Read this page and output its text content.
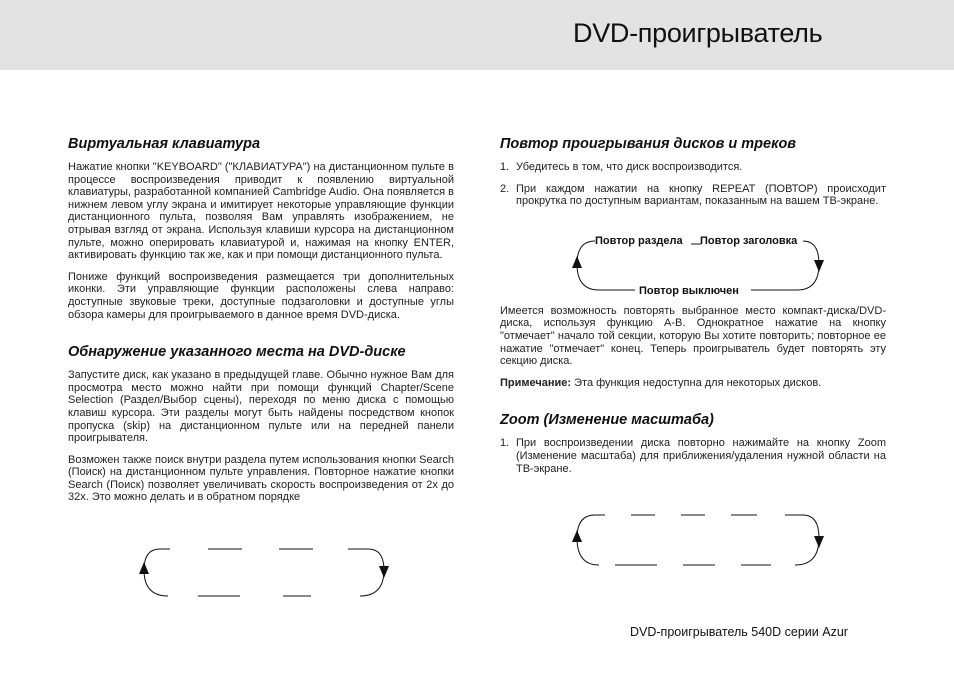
DVD-проигрыватель
Виртуальная клавиатура

Нажатие кнопки "KEYBOARD" ("КЛАВИАТУРА") на дистанционном пульте в процессе воспроизведения приводит к появлению виртуальной клавиатуры, разработанной компанией Cambridge Audio. Она появляется в нижнем левом углу экрана и имитирует некоторые управляющие функции дистанционного пульта, позволяя Вам управлять изображением, не отрывая взгляд от экрана. Используя клавиши курсора на дистанционном пульте, можно оперировать клавиатурой и, нажимая на кнопку ENTER, активировать функцию так же, как и при помощи дистанционного пульта.

Пониже функций воспроизведения размещается три дополнительных иконки. Эти управляющие функции расположены слева направо: доступные звуковые треки, доступные подзаголовки и доступные углы обзора камеры для проигрываемого в данное время DVD-диска.

Обнаружение указанного места на DVD-диске

Запустите диск, как указано в предыдущей главе. Обычно нужное Вам для просмотра место можно найти при помощи функций Chapter/Scene Selection (Раздел/Выбор сцены), переходя по меню диска с помощью клавиш курсора. Эти разделы могут быть найдены посредством кнопок пропуска (skip) на дистанционном пульте или на передней панели проигрывателя.

Возможен также поиск внутри раздела путем использования кнопки Search (Поиск) на дистанционном пульте управления. Повторное нажатие кнопки Search (Поиск) позволяет увеличивать скорость воспроизведения от 2x до 32x. Это можно делать и в обратном порядке

Повтор проигрывания дисков и треков
1. Убедитесь в том, что диск воспроизводится.
2. При каждом нажатии на кнопку REPEAT (ПОВТОР) происходит прокрутка по доступным вариантам, показанным на вашем ТВ-экране.

Имеется возможность повторять выбранное место компакт-диска/DVD-диска, используя функцию A-B. Однократное нажатие на кнопку "отмечает" начало той секции, которую Вы хотите повторить; повторное ее нажатие "отмечает" конец. Теперь проигрыватель будет повторять эту секцию диска.

Примечание: Эта функция недоступна для некоторых дисков.

Zoom (Изменение масштаба)
1. При воспроизведении диска повторно нажимайте на кнопку Zoom (Изменение масштаба) для приближения/удаления нужной области на ТВ-экране.
Повтор раздела Повтор заголовка
Повтор выключен
DVD-проигрыватель 540D серии Azur
